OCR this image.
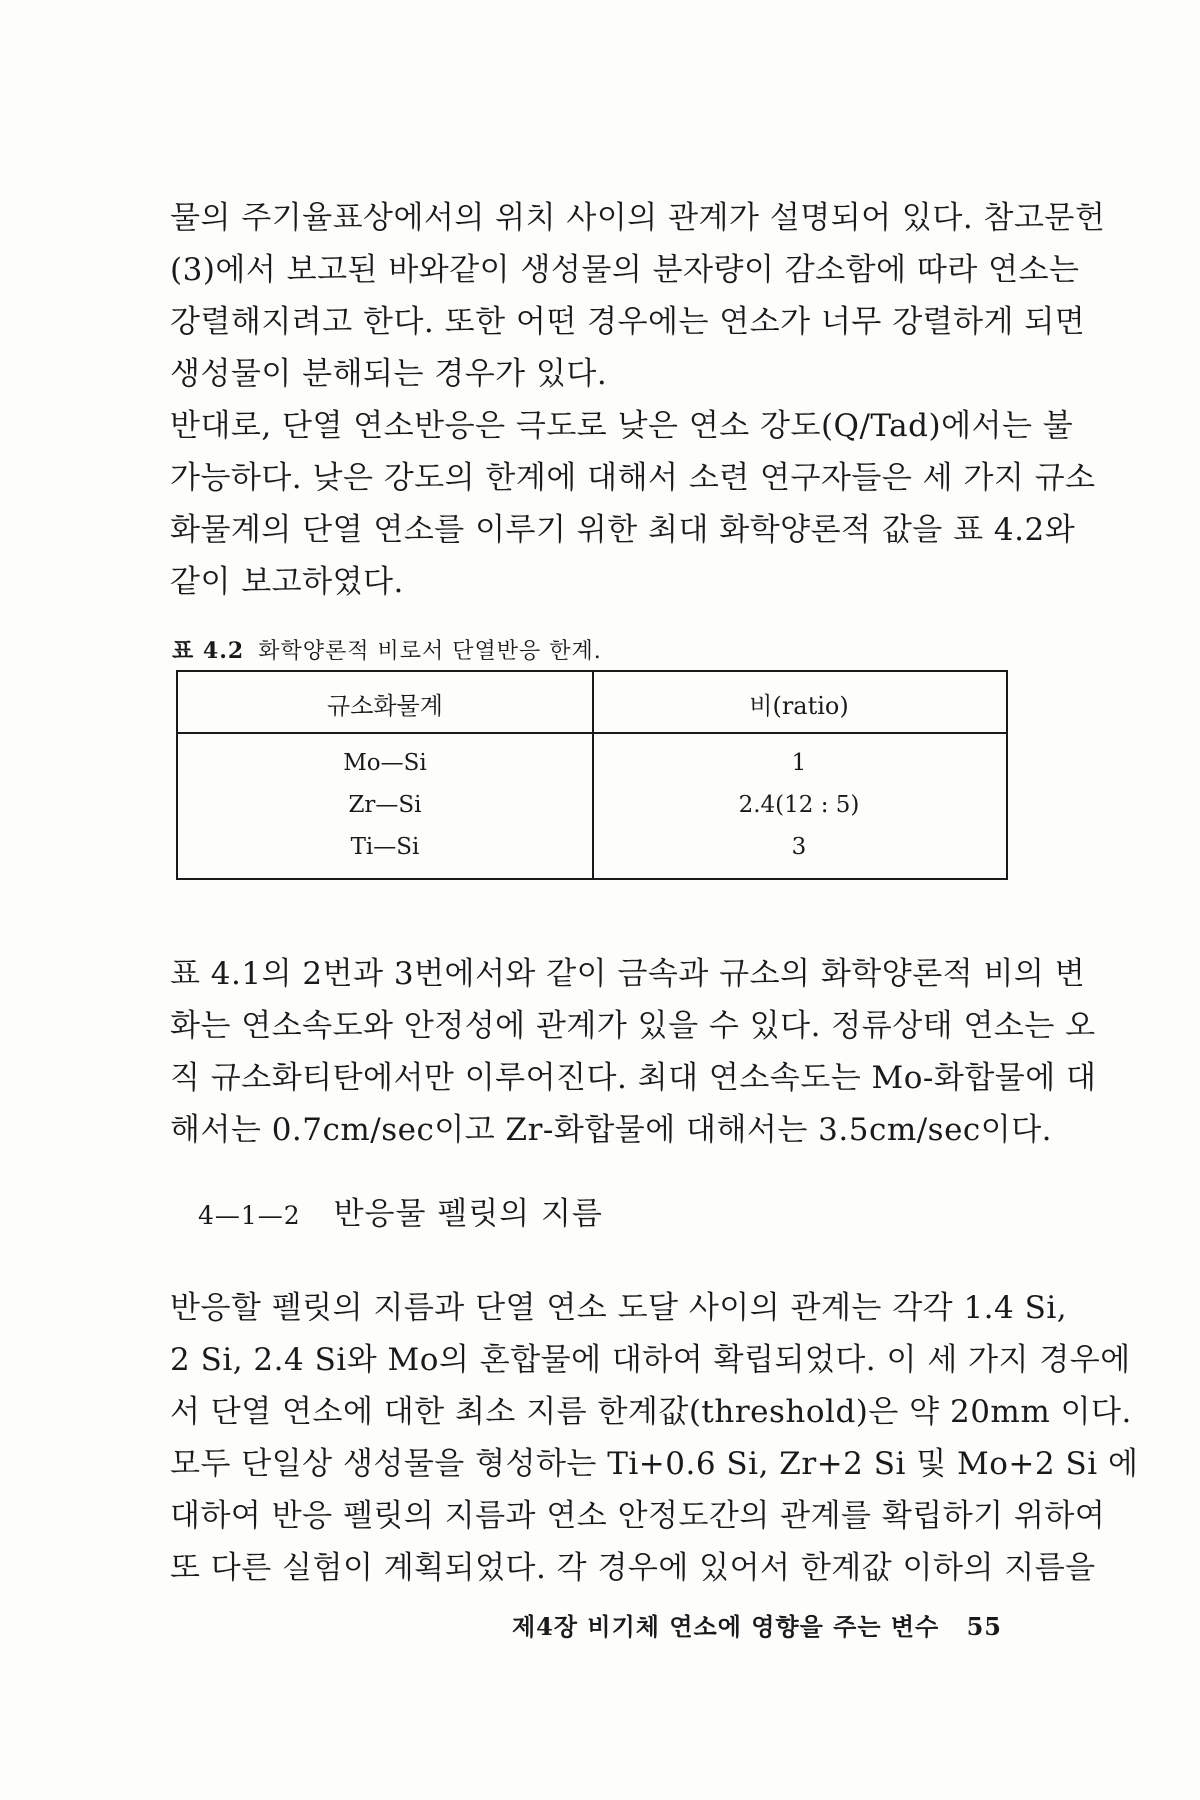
물의 주기율표상에서의 위치 사이의 관계가 설명되어 있다. 참고문헌
(3)에서 보고된 바와같이 생성물의 분자량이 감소함에 따라 연소는
강렬해지려고 한다. 또한 어떤 경우에는 연소가 너무 강렬하게 되면
생성물이 분해되는 경우가 있다.
반대로, 단열 연소반응은 극도로 낮은 연소 강도(Q/Tad)에서는 불
가능하다. 낮은 강도의 한계에 대해서 소련 연구자들은 세 가지 규소
화물계의 단열 연소를 이루기 위한 최대 화학양론적 값을 표 4.2와
같이 보고하였다.
표 4.2 화학양론적 비로서 단열반응 한계.
규소화물계	비(ratio)
Mo—Si	1
Zr—Si	2.4(12 : 5)
Ti—Si	3
표 4.1의 2번과 3번에서와 같이 금속과 규소의 화학양론적 비의 변
화는 연소속도와 안정성에 관계가 있을 수 있다. 정류상태 연소는 오
직 규소화티탄에서만 이루어진다. 최대 연소속도는 Mo-화합물에 대
해서는 0.7cm/sec이고 Zr-화합물에 대해서는 3.5cm/sec이다.
4—1—2 반응물 펠릿의 지름
반응할 펠릿의 지름과 단열 연소 도달 사이의 관계는 각각 1.4 Si,
2 Si, 2.4 Si와 Mo의 혼합물에 대하여 확립되었다. 이 세 가지 경우에
서 단열 연소에 대한 최소 지름 한계값(threshold)은 약 20mm 이다.
모두 단일상 생성물을 형성하는 Ti+0.6 Si, Zr+2 Si 및 Mo+2 Si 에
대하여 반응 펠릿의 지름과 연소 안정도간의 관계를 확립하기 위하여
또 다른 실험이 계획되었다. 각 경우에 있어서 한계값 이하의 지름을
제4장 비기체 연소에 영향을 주는 변수 55
